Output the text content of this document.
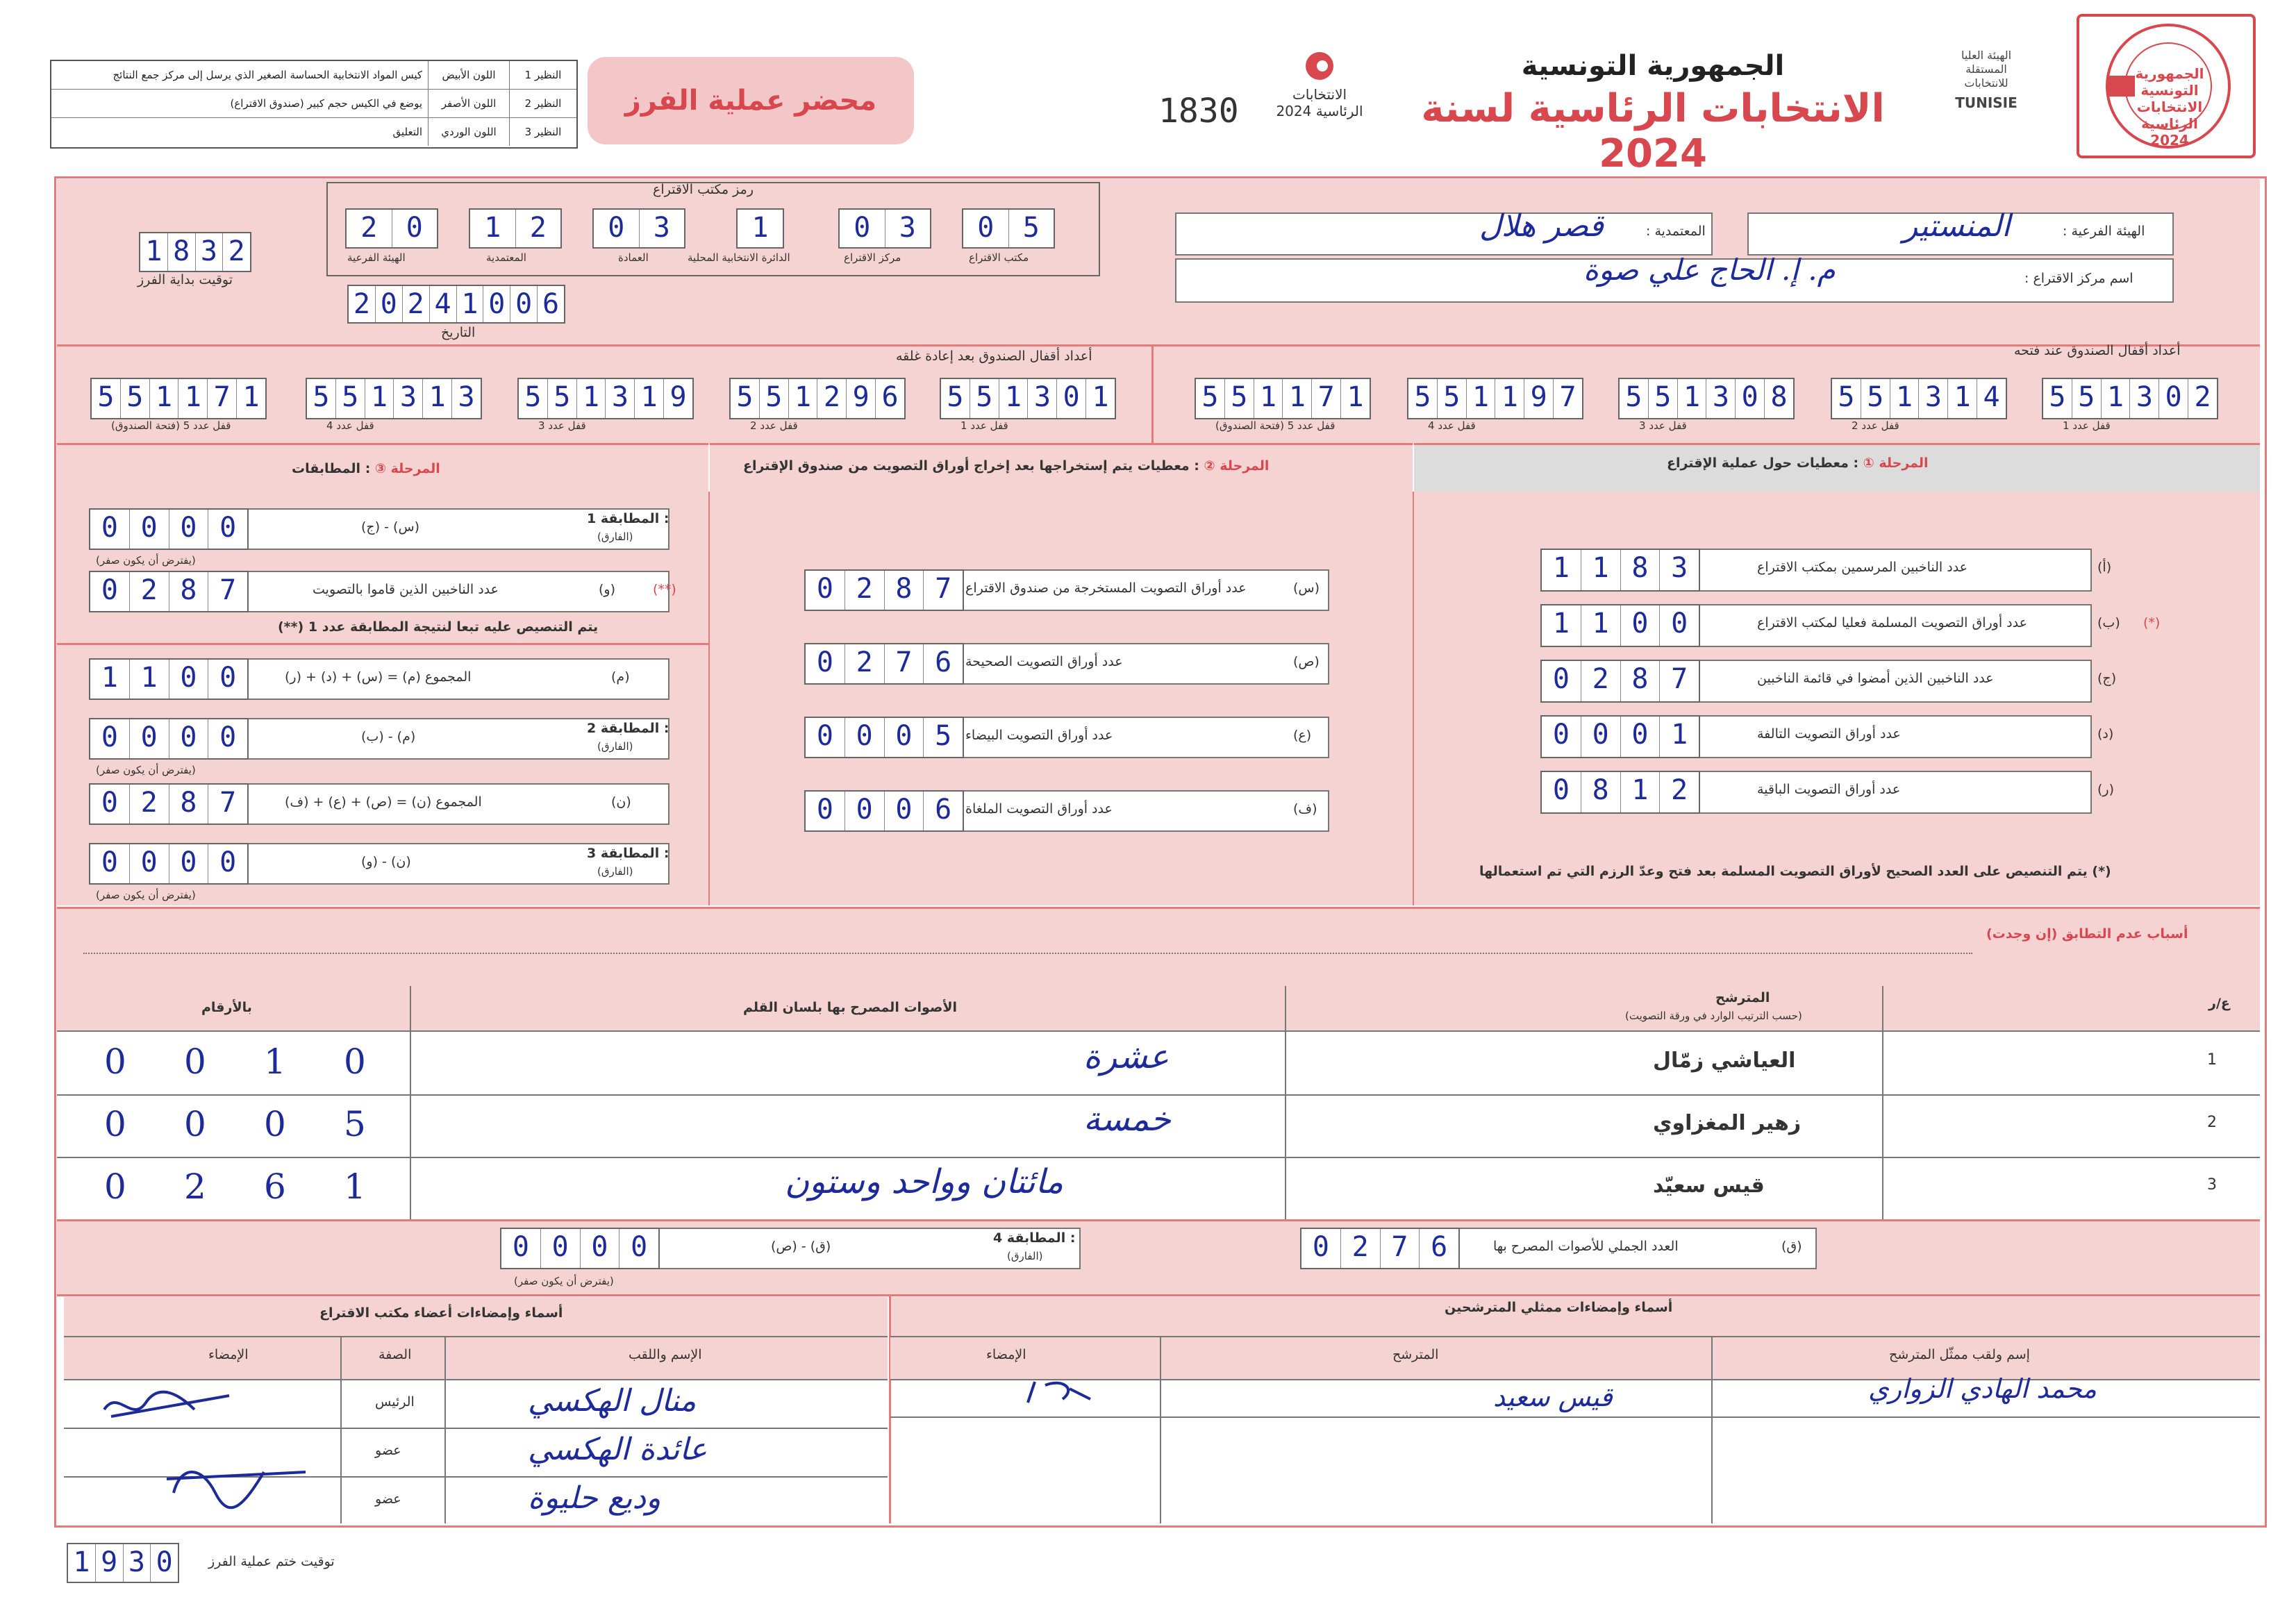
كيس المواد الانتخابية الحساسة الصغير الذي يرسل إلى مركز جمع النتائج	اللون الأبيض	النظير 1
يوضع في الكيس حجم كبير (صندوق الاقتراع)	اللون الأصفر	النظير 2
التعليق	اللون الوردي	النظير 3
محضر عملية الفرز	1830	الانتخابات الرئاسية 2024
الجمهورية التونسية
الانتخابات الرئاسية لسنة 2024
الهيئة العليا المستقلة للانتخابات
TUNISIE
الجمهورية التونسية الانتخابات الرئاسية 2024
رمز مكتب الاقتراع
2	0
الهيئة الفرعية
1	2
المعتمدية
0	3
العمادة
1
الدائرة الانتخابية المحلية
0	3
مركز الاقتراع
0	5
مكتب الاقتراع
1 8 3 2
توقيت بداية الفرز
2 0 2 4 1 0 0 6
التاريخ
المعتمدية :
قصر هلال	الهيئة الفرعية :
المنستير
اسم مركز الاقتراع :
م. إ. الحاج علي صوة
أعداد أقفال الصندوق بعد إعادة غلقه	أعداد أقفال الصندوق عند فتحه
5 5 1 1 7 1
قفل عدد 5 (فتحة الصندوق)
5 5 1 3 1 3
قفل عدد 4
5 5 1 3 1 9
قفل عدد 3
5 5 1 2 9 6
قفل عدد 2
5 5 1 3 0 1
قفل عدد 1
5 5 1 1 7 1
قفل عدد 5 (فتحة الصندوق)
5 5 1 1 9 7
قفل عدد 4
5 5 1 3 0 8
قفل عدد 3
5 5 1 3 1 4
قفل عدد 2
5 5 1 3 0 2
قفل عدد 1
المرحلة ① : معطيات حول عملية الإقتراع
المرحلة ② : معطيات يتم إستخراجها بعد إخراج أوراق التصويت من صندوق الإقتراع
المرحلة ③ : المطابقات
1 1 8 3	عدد الناخبين المرسمين بمكتب الاقتراع	(أ)
1 1 0 0	عدد أوراق التصويت المسلمة فعليا لمكتب الاقتراع	(ب) (*)
0 2 8 7	عدد الناخبين الذين أمضوا في قائمة الناخبين	(ج)
0 0 0 1	عدد أوراق التصويت التالفة	(د)
0 8 1 2	عدد أوراق التصويت الباقية	(ر)
(*) يتم التنصيص على العدد الصحيح لأوراق التصويت المسلمة بعد فتح وعدّ الرزم التي تم استعمالها
0 2 8 7	عدد أوراق التصويت المستخرجة من صندوق الاقتراع	(س)
0 2 7 6	عدد أوراق التصويت الصحيحة	(ص)
0 0 0 5	عدد أوراق التصويت البيضاء	(ع)
0 0 0 6	عدد أوراق التصويت الملغاة	(ف)
0 0 0 0	(ج) - (س)
المطابقة 1 :
(الفارق)
(يفترض أن يكون صفر)
0 2 8 7	عدد الناخبين الذين قاموا بالتصويت	(و)	(**)
(**) يتم التنصيص عليه تبعا لنتيجة المطابقة عدد 1
1 1 0 0	المجموع (م) = (س) + (د) + (ر)	(م)
0 0 0 0	(ب) - (م)
المطابقة 2 :
(الفارق)
(يفترض أن يكون صفر)
0 2 8 7	المجموع (ن) = (ص) + (ع) + (ف)	(ن)
0 0 0 0	(و) - (ن)
المطابقة 3 :
(الفارق)
(يفترض أن يكون صفر)
أسباب عدم التطابق (إن وجدت)
بالأرقام	الأصوات المصرح بها بلسان القلم
المترشح
(حسب الترتيب الوارد في ورقة التصويت)
ع/ر
1
العياشي زمّال
عشرة
0 0 1 0
2
زهير المغزاوي
خمسة
0 0 0 5
3
قيس سعيّد
مائتان وواحد وستون
0 2 6 1
0 2 7 6	العدد الجملي للأصوات المصرح بها	(ق)
0 0 0 0	(ص) - (ق)
المطابقة 4 :
(الفارق)
(يفترض أن يكون صفر)
أسماء وإمضاءات أعضاء مكتب الاقتراع	أسماء وإمضاءات ممثلي المترشحين
الإمضاء	الصفة	الإسم واللقب	الإمضاء	المترشح	إسم ولقب ممثّل المترشح
الرئيس	منال الهكسي
عضو	عائدة الهكسي
عضو	وديع حليوة
محمد الهادي الزواري
قيس سعيد
1 9 3 0	توقيت ختم عملية الفرز
